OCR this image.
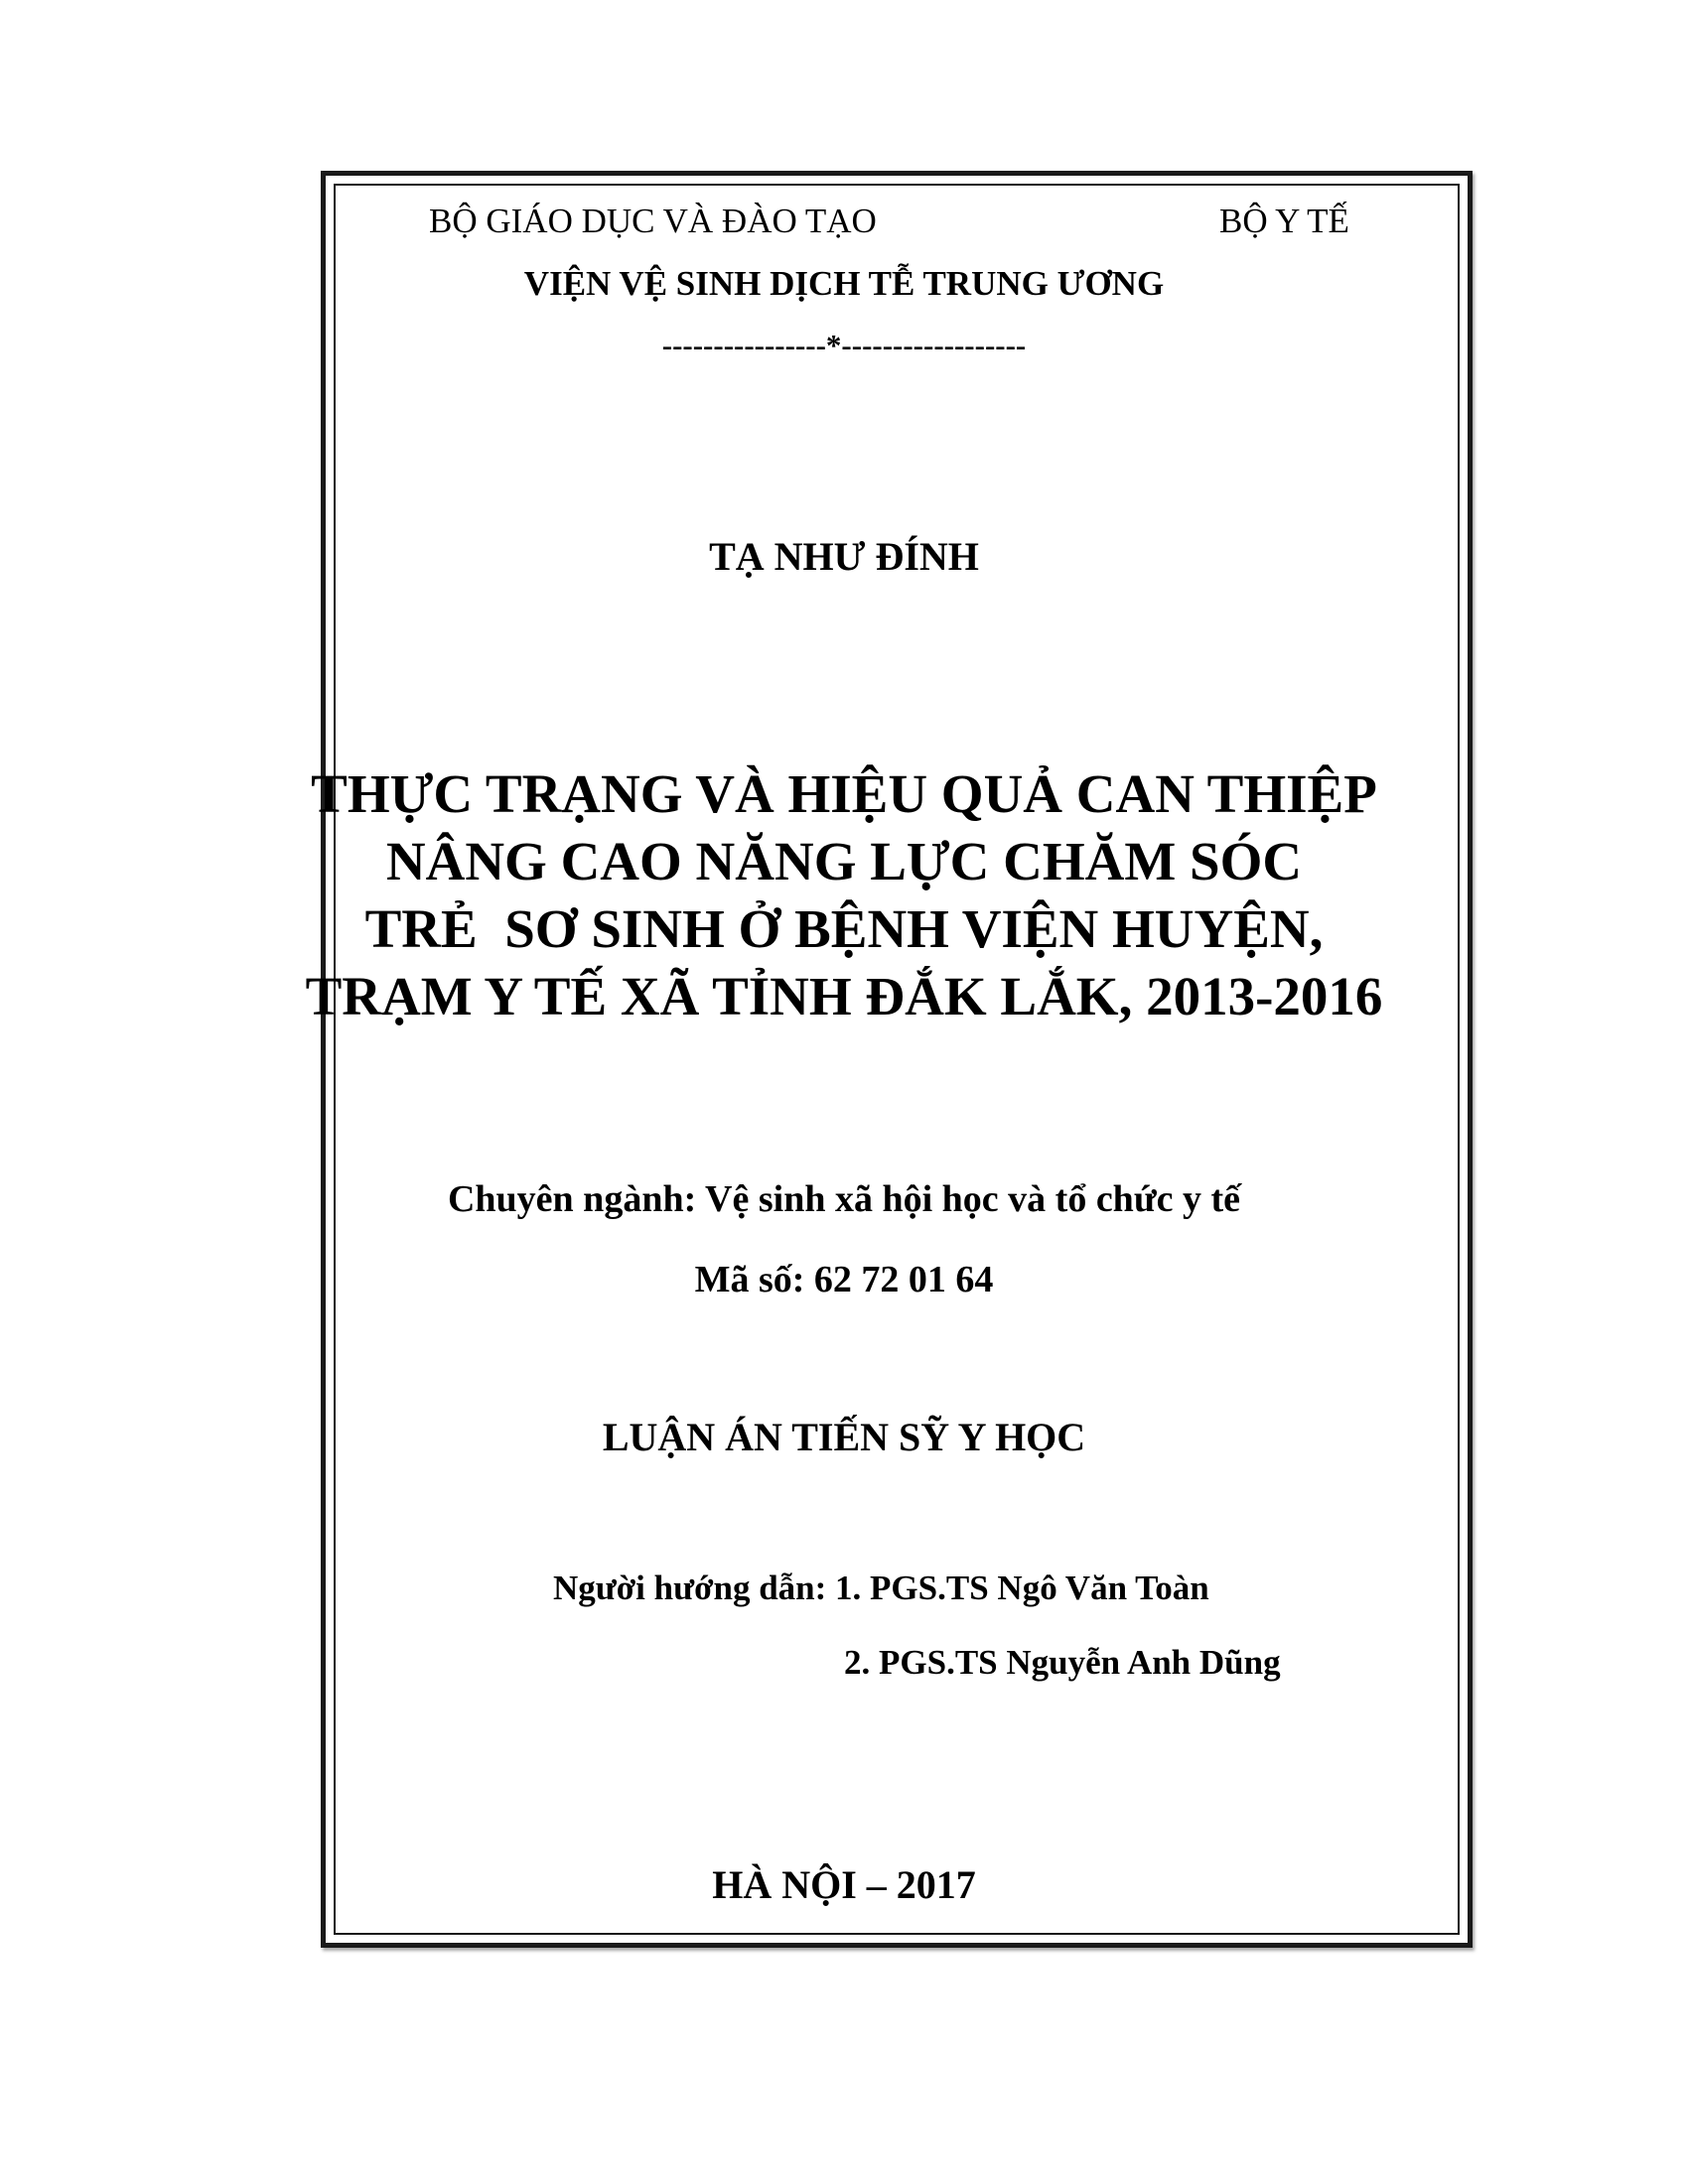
BỘ GIÁO DỤC VÀ ĐÀO TẠO	BỘ Y TẾ
VIỆN VỆ SINH DỊCH TỄ TRUNG ƯƠNG
----------------*------------------
TẠ NHƯ ĐÍNH
THỰC TRẠNG VÀ HIỆU QUẢ CAN THIỆP
NÂNG CAO NĂNG LỰC CHĂM SÓC
TRẺ  SƠ SINH Ở BỆNH VIỆN HUYỆN,
TRẠM Y TẾ XÃ TỈNH ĐẮK LẮK, 2013-2016
Chuyên ngành: Vệ sinh xã hội học và tổ chức y tế
Mã số: 62 72 01 64
LUẬN ÁN TIẾN SỸ Y HỌC
Người hướng dẫn: 1. PGS.TS Ngô Văn Toàn
2. PGS.TS Nguyễn Anh Dũng
HÀ NỘI – 2017
